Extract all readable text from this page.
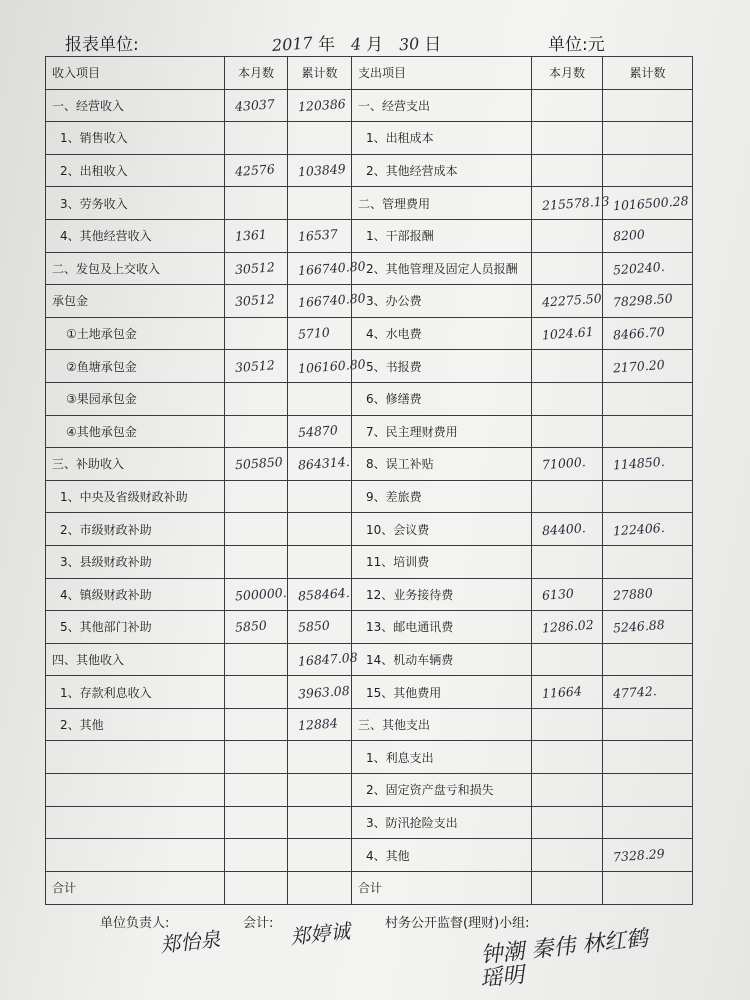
报表单位:	2017 年 4 月 30 日	单位:元
收入项目	本月数	累计数	支出项目	本月数	累计数
一、经营收入	43037	120386	一、经营支出		
1、销售收入			1、出租成本		
2、出租收入	42576	103849	2、其他经营成本		
3、劳务收入			二、管理费用	215578.13	1016500.28
4、其他经营收入	1361	16537	1、干部报酬		8200
二、发包及上交收入	30512	166740.80	2、其他管理及固定人员报酬		520240.
承包金	30512	166740.80	3、办公费	42275.50	78298.50
①土地承包金		5710	4、水电费	1024.61	8466.70
②鱼塘承包金	30512	106160.80	5、书报费		2170.20
③果园承包金			6、修缮费		
④其他承包金		54870	7、民主理财费用		
三、补助收入	505850	864314.	8、误工补贴	71000.	114850.
1、中央及省级财政补助			9、差旅费		
2、市级财政补助			10、会议费	84400.	122406.
3、县级财政补助			11、培训费		
4、镇级财政补助	500000.	858464.	12、业务接待费	6130	27880
5、其他部门补助	5850	5850	13、邮电通讯费	1286.02	5246.88
四、其他收入		16847.08	14、机动车辆费		
1、存款利息收入		3963.08	15、其他费用	11664	47742.
2、其他		12884	三、其他支出		
			1、利息支出		
			2、固定资产盘亏和损失		
			3、防汛抢险支出		
			4、其他		7328.29
合计			合计		
单位负责人:	会计:	村务公开监督(理财)小组:
郑怡泉	郑婷诚	钟潮 秦伟 林红鹤
瑶明
